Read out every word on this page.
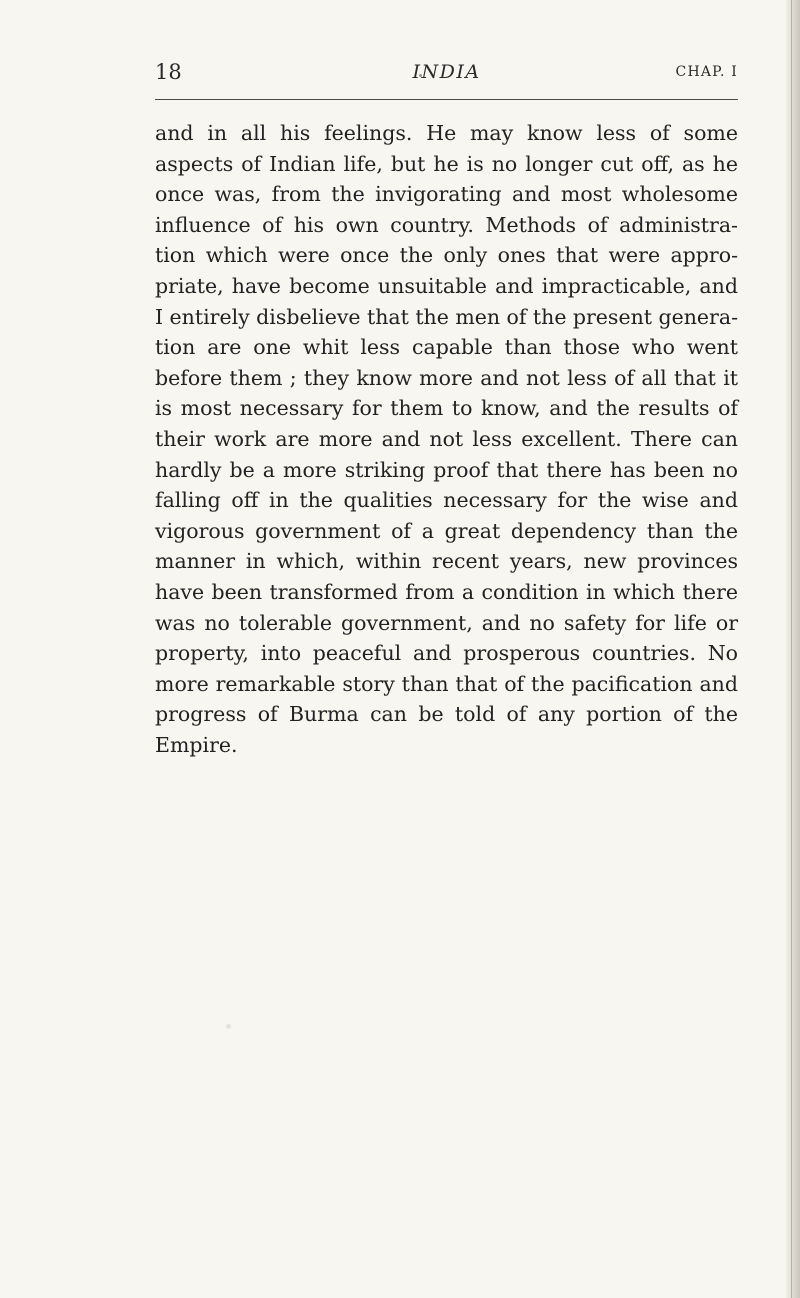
18	INDIA	CHAP. I

and in all his feelings. He may know less of some aspects of Indian life, but he is no longer cut off, as he once was, from the invigorating and most wholesome influence of his own country. Methods of administra-tion which were once the only ones that were appro-priate, have become unsuitable and impracticable, and I entirely disbelieve that the men of the present genera-tion are one whit less capable than those who went before them ; they know more and not less of all that it is most necessary for them to know, and the results of their work are more and not less excellent. There can hardly be a more striking proof that there has been no falling off in the qualities necessary for the wise and vigorous government of a great dependency than the manner in which, within recent years, new provinces have been transformed from a condition in which there was no tolerable government, and no safety for life or property, into peaceful and prosperous countries. No more remarkable story than that of the pacification and progress of Burma can be told of any portion of the Empire.
